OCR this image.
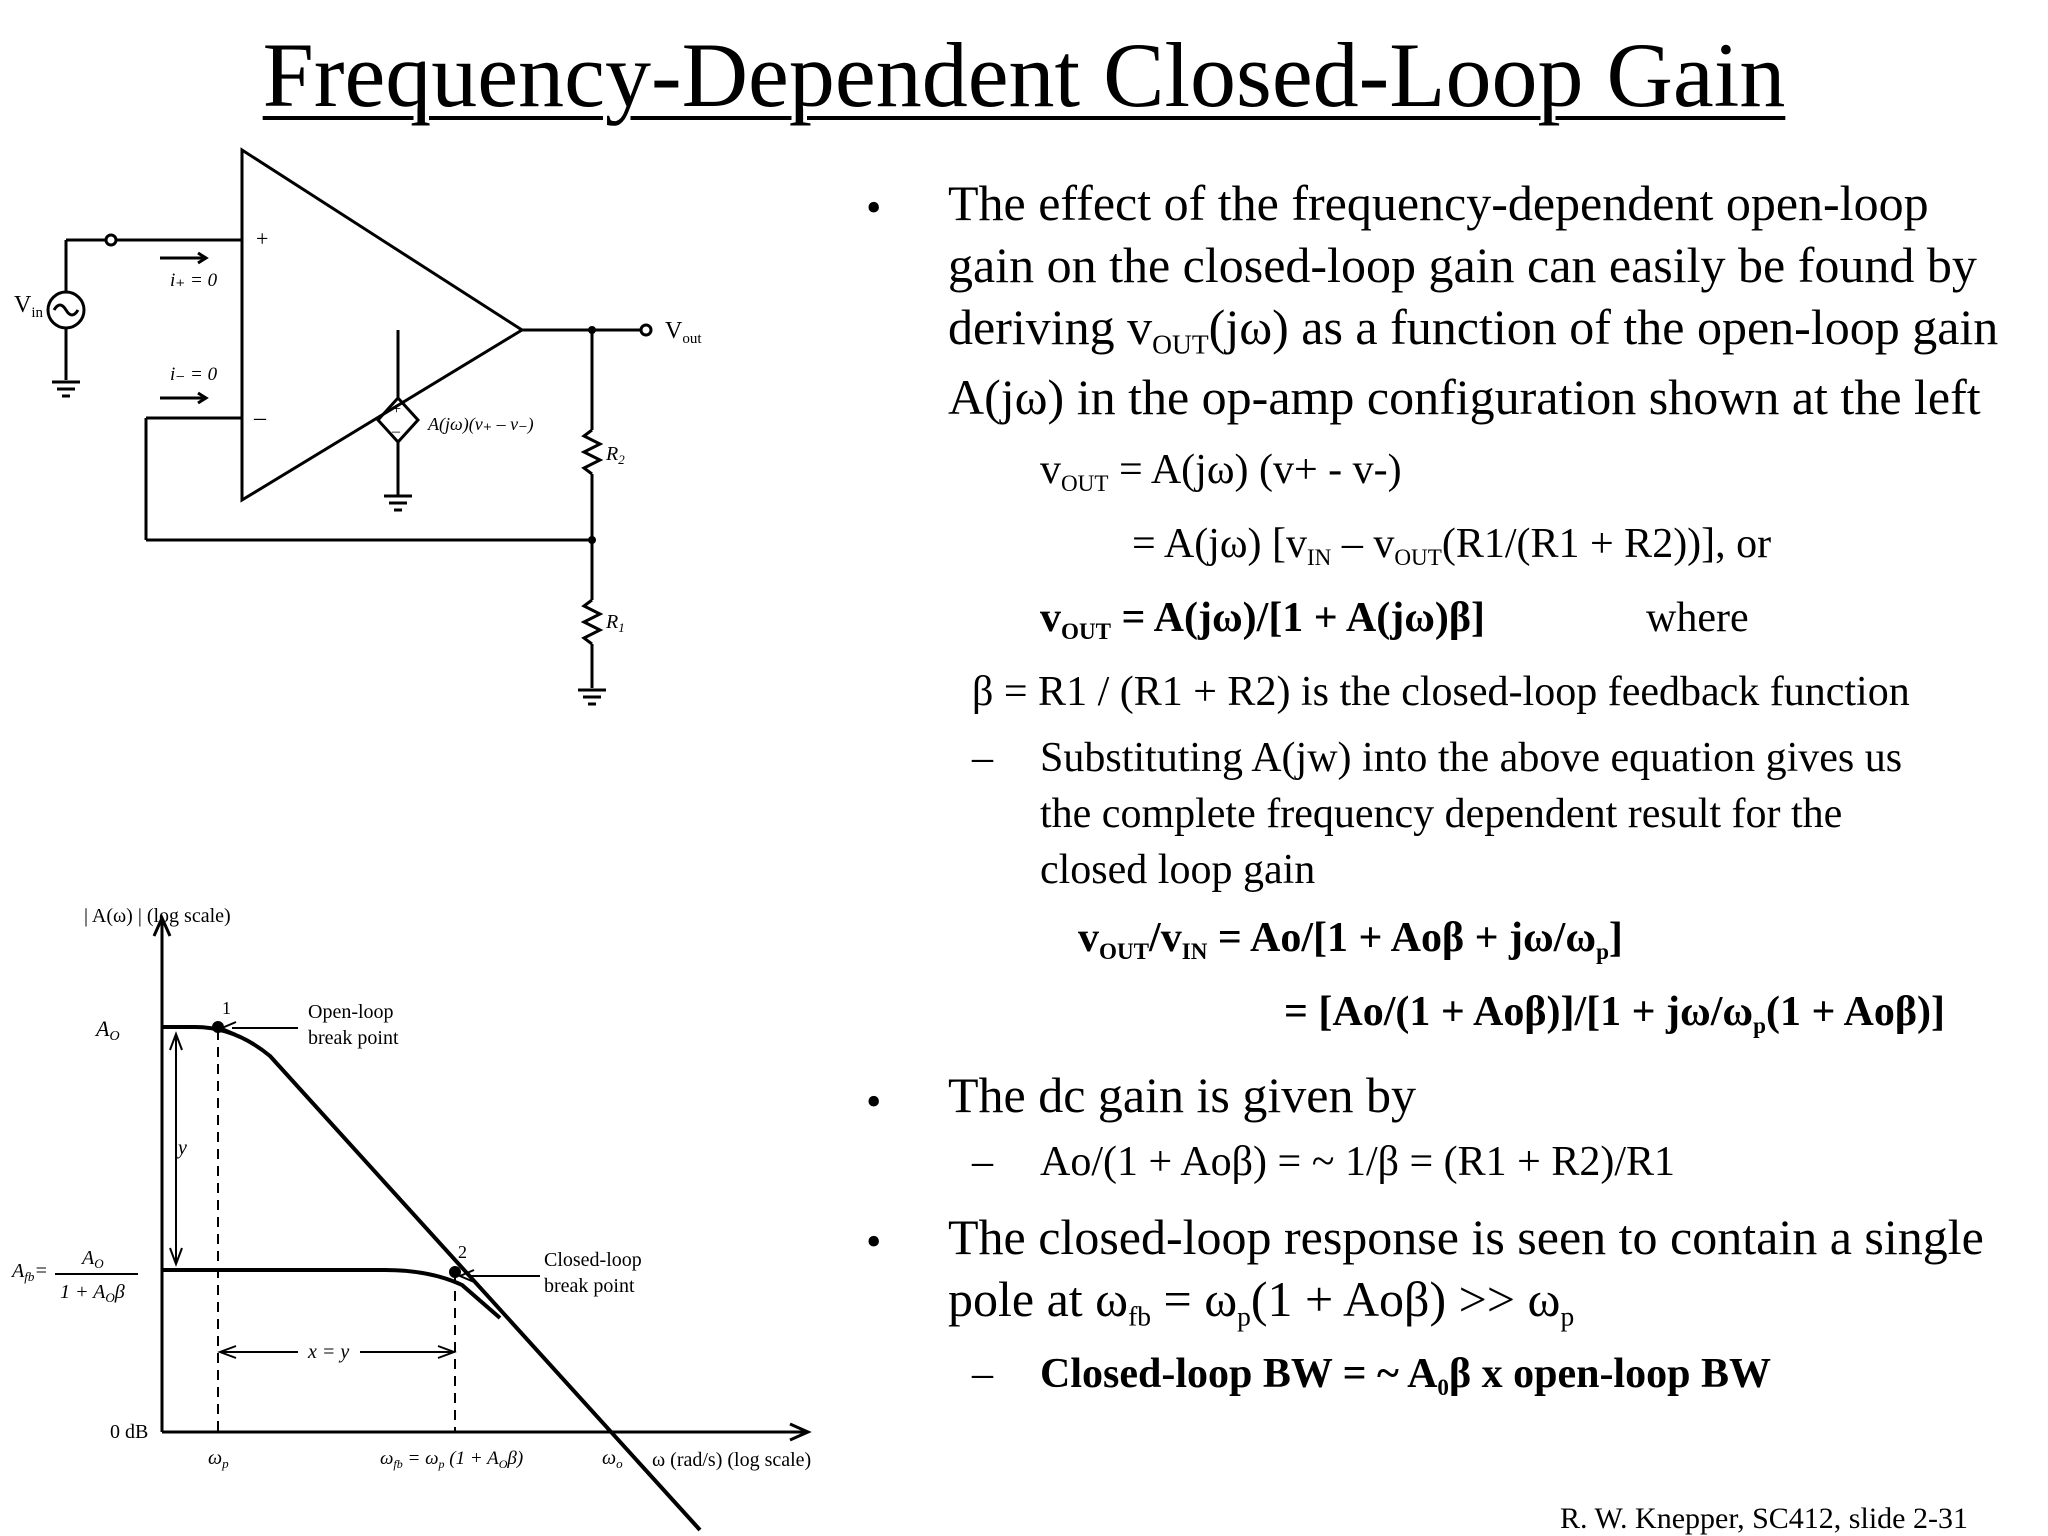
Frequency-Dependent Closed-Loop Gain
$V_{in}$
$V_{out}$
+
–
i₊ = 0
i₋ = 0
+
– A(jω)(v₊ – v₋)
$R_2$
$R_1$
| A(ω) | (log scale)
AO
$A_{fb}=$
$A_O$
$1 + A_O\beta$
0 dB
y
x = y
1
2
Open-loop
break point
Closed-loop
break point
$\omega_p$	$\omega_{fb} = \omega_p$ $(1 + A_O\beta)$	$\omega_o$ ω (rad/s) (log scale)
• The effect of the frequency-dependent open-loop
gain on the closed-loop gain can easily be found by
deriving $v_{OUT}(j\omega)$ as a function of the open-loop gain
A(jω) in the op-amp configuration shown at the left
$v_{OUT} = A(j\omega)$ (v+ - v-)
= A(jω) $[v_{IN} - v_{OUT}(R1/(R1 + R2))]$, or
$v_{OUT} = A(j\omega)/[1 + A(j\omega)\beta]$	where
β = R1 / (R1 + R2) is the closed-loop feedback function
– Substituting A(jw) into the above equation gives us
the complete frequency dependent result for the
closed loop gain
$v_{OUT}/v_{IN} = Ao/[1 + Ao\beta + j\omega/\omega_p]$
= $[Ao/(1 + Ao\beta)]/[1 + j\omega/\omega_p(1 + Ao\beta)]$
• The dc gain is given by
– Ao/(1 + Aoβ) = ~ 1/β = (R1 + R2)/R1
• The closed-loop response is seen to contain a single
pole at $\omega_{fb} = \omega_p(1 + Ao\beta) >> \omega_p$
– Closed-loop BW = ~ $A_0\beta$ x open-loop BW
R. W. Knepper, SC412, slide 2-31
